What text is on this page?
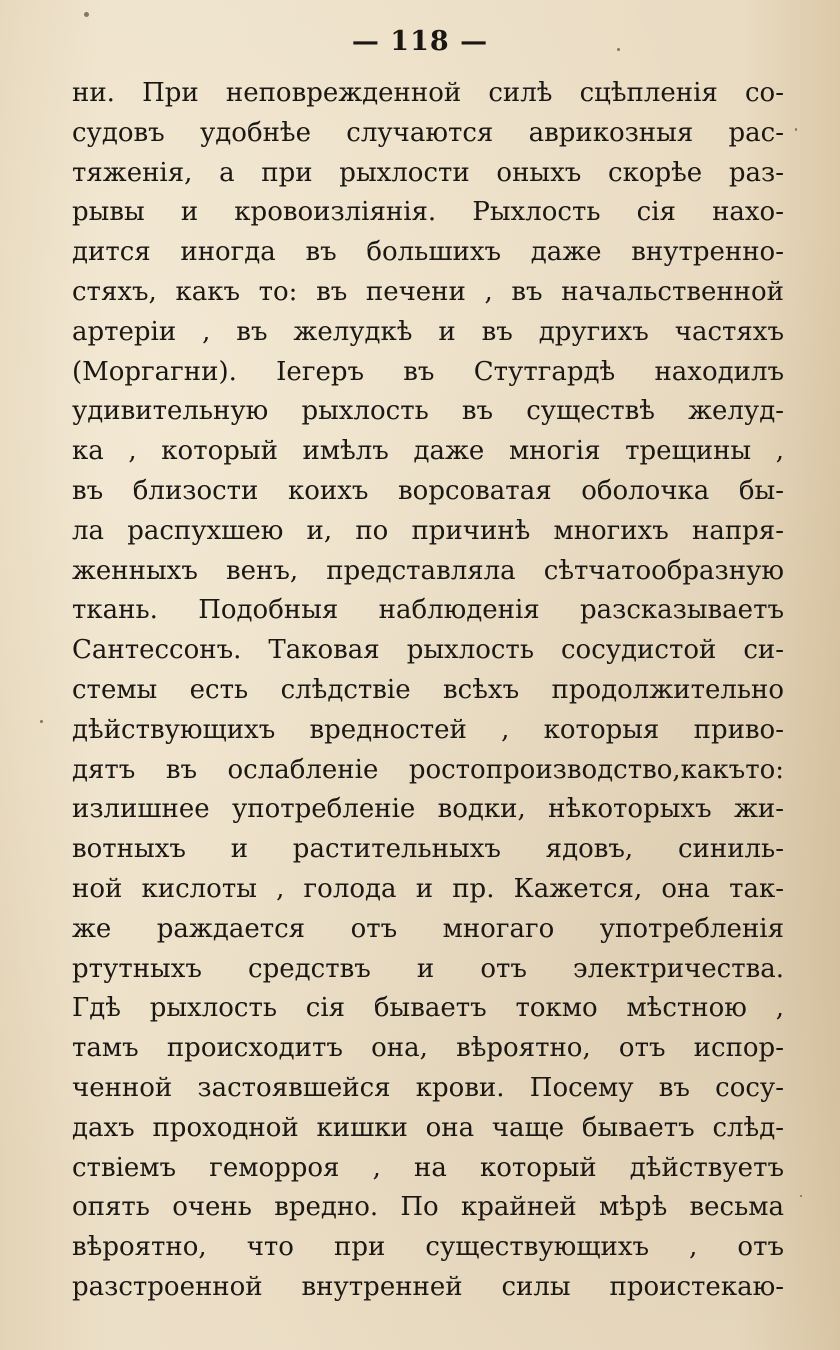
— 118 —
ни. При неповрежденной силѣ сцѣпленія со-
судовъ удобнѣе случаются аврикозныя рас-
тяженія, а при рыхлости оныхъ скорѣе раз-
рывы и кровоизліянія. Рыхлость сія нахо-
дится иногда въ большихъ даже внутренно-
стяхъ, какъ то: въ печени , въ начальственной
артеріи , въ желудкѣ и въ другихъ частяхъ
(Моргагни). Iегеръ въ Стутгардѣ находилъ
удивительную рыхлость въ существѣ желуд-
ка , который имѣлъ даже многія трещины ,
въ близости коихъ ворсоватая оболочка бы-
ла распухшею и, по причинѣ многихъ напря-
женныхъ венъ, представляла сѣтчатообразную
ткань. Подобныя наблюденія разсказываетъ
Сантессонъ. Таковая рыхлость сосудистой си-
стемы есть слѣдствіе всѣхъ продолжительно
дѣйствующихъ вредностей , которыя приво-
дятъ въ ослабленіе ростопроизводство,какъто:
излишнее употребленіе водки, нѣкоторыхъ жи-
вотныхъ и растительныхъ ядовъ, синиль-
ной кислоты , голода и пр. Кажется, она так-
же раждается отъ многаго употребленія
ртутныхъ средствъ и отъ электричества.
Гдѣ рыхлость сія бываетъ токмо мѣстною ,
тамъ происходитъ она, вѣроятно, отъ испор-
ченной застоявшейся крови. Посему въ сосу-
дахъ проходной кишки она чаще бываетъ слѣд-
ствіемъ геморроя , на который дѣйствуетъ
опять очень вредно. По крайней мѣрѣ весьма
вѣроятно, что при существующихъ , отъ
разстроенной внутренней силы проистекаю-
